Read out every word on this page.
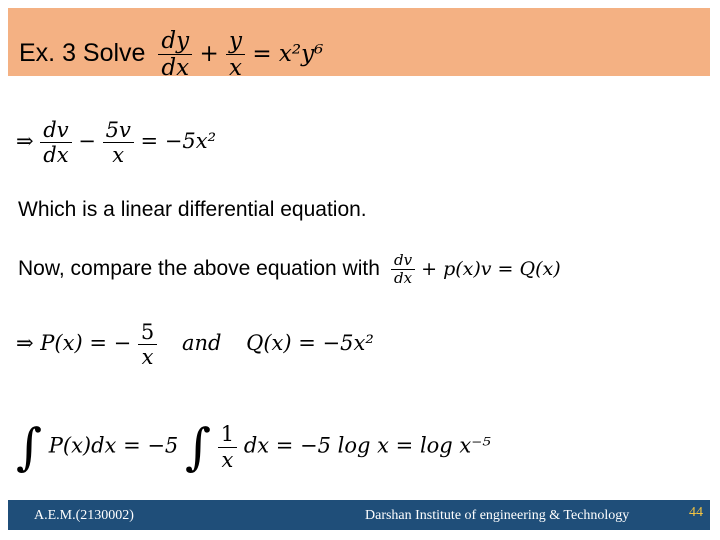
Ex. 3 Solve $\frac{dy}{dx} + \frac{y}{x} = x^2y^6$
⇒ $\frac{dv}{dx} - \frac{5v}{x} = -5x^2$
Which is a linear differential equation.
Now, compare the above equation with $\frac{dv}{dx} + p(x)v = Q(x)$
⇒ P(x) = − $\frac{5}{x}$ and Q(x) = −5x²
∫ P(x)dx = −5 ∫ $\frac{1}{x}$ dx = −5 log x = log x⁻⁵
A.E.M.(2130002)	Darshan Institute of engineering & Technology	44
